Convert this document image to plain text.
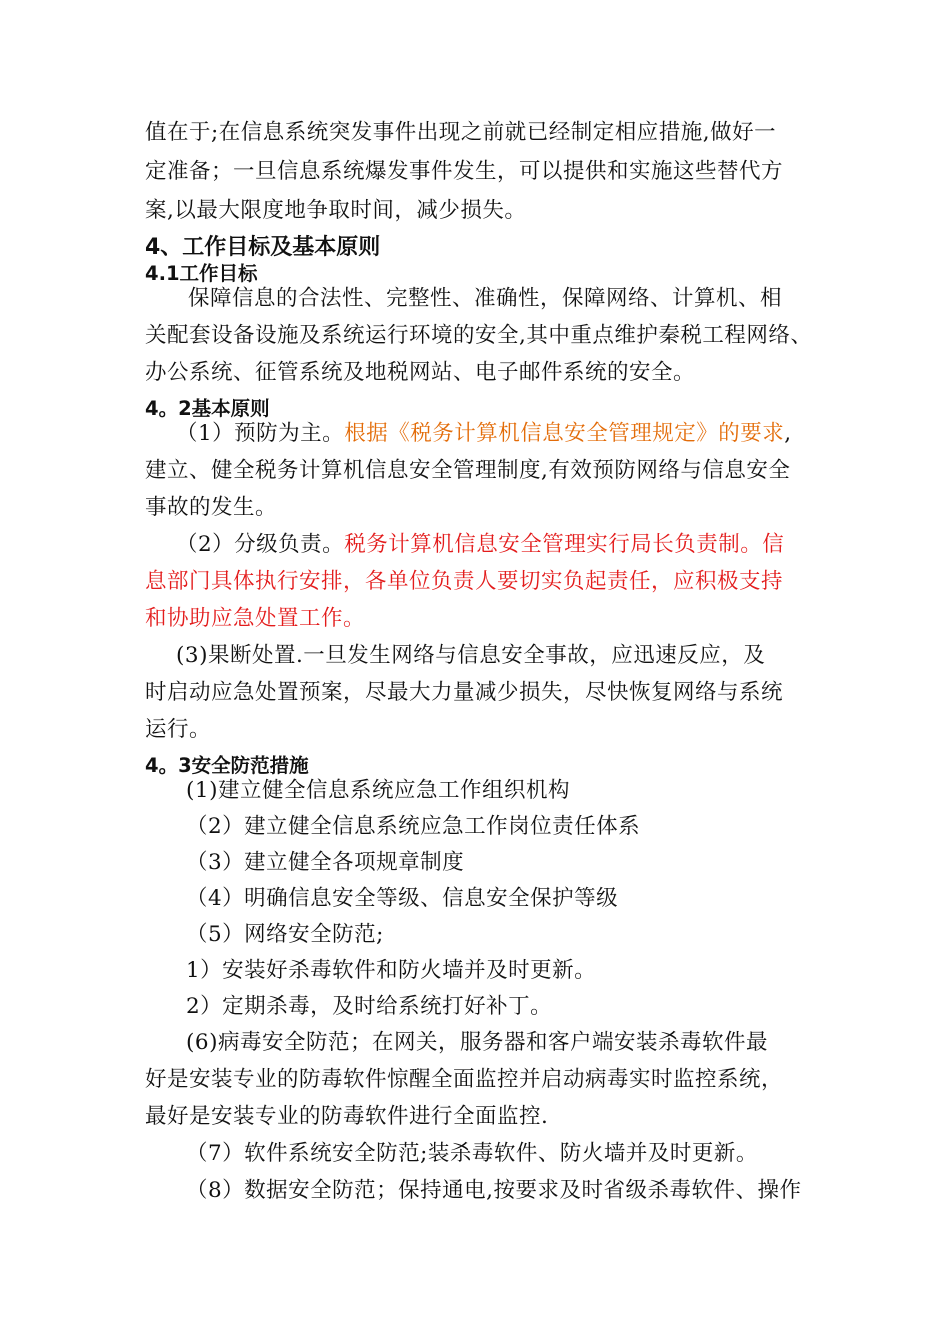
值在于;在信息系统突发事件出现之前就已经制定相应措施,做好一
定准备；一旦信息系统爆发事件发生，可以提供和实施这些替代方
案,以最大限度地争取时间，减少损失。
4、工作目标及基本原则
4.1工作目标
保障信息的合法性、完整性、准确性，保障网络、计算机、相
关配套设备设施及系统运行环境的安全,其中重点维护秦税工程网络、
办公系统、征管系统及地税网站、电子邮件系统的安全。
4。2基本原则
（1）预防为主。根据《税务计算机信息安全管理规定》的要求,
建立、健全税务计算机信息安全管理制度,有效预防网络与信息安全
事故的发生。
（2）分级负责。税务计算机信息安全管理实行局长负责制。信
息部门具体执行安排，各单位负责人要切实负起责任，应积极支持
和协助应急处置工作。
(3)果断处置.一旦发生网络与信息安全事故，应迅速反应，及
时启动应急处置预案，尽最大力量减少损失，尽快恢复网络与系统
运行。
4。3安全防范措施
(1)建立健全信息系统应急工作组织机构
（2）建立健全信息系统应急工作岗位责任体系
（3）建立健全各项规章制度
（4）明确信息安全等级、信息安全保护等级
（5）网络安全防范;
1）安装好杀毒软件和防火墙并及时更新。
2）定期杀毒，及时给系统打好补丁。
(6)病毒安全防范；在网关，服务器和客户端安装杀毒软件最
好是安装专业的防毒软件惊醒全面监控并启动病毒实时监控系统，
最好是安装专业的防毒软件进行全面监控.
（7）软件系统安全防范;装杀毒软件、防火墙并及时更新。
（8）数据安全防范；保持通电,按要求及时省级杀毒软件、操作
